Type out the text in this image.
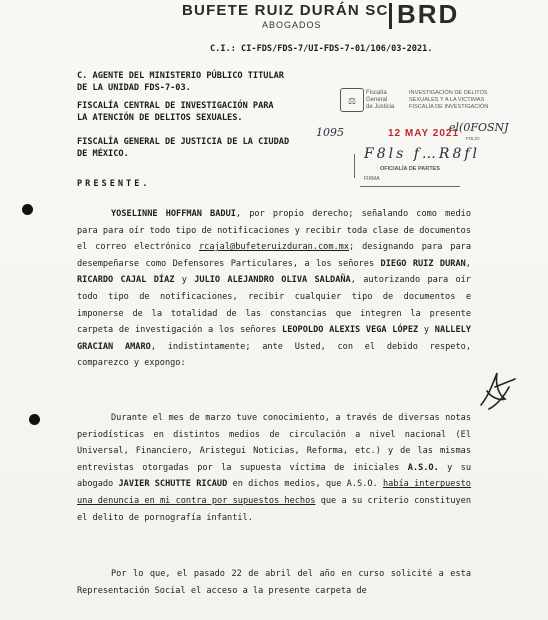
BUFETE RUIZ DURÁN SC
ABOGADOS	BRD
C.I.: CI-FDS/FDS-7/UI-FDS-7-01/106/03-2021.
C. AGENTE DEL MINISTERIO PÚBLICO TITULAR
DE LA UNIDAD FDS-7-03.
FISCALÍA CENTRAL DE INVESTIGACIÓN PARA
LA ATENCIÓN DE DELITOS SEXUALES.
FISCALÍA GENERAL DE JUSTICIA DE LA CIUDAD
DE MÉXICO.
PRESENTE.
⚖	Fiscalía
General
de Justicia
INVESTIGACIÓN DE DELITOS
SEXUALES Y A LA VICTIMAS
FISCALÍA DE INVESTIGACIÓN
1095	12 MAY 2021
el(0FOSNJ
FOLIO
F8ls f…R8fl
OFICIALÍA DE PARTES
FIRMA
YOSELINNE HOFFMAN BADUI, por propio derecho; señalando como medio para para oír todo tipo de notificaciones y recibir toda clase de documentos el correo electrónico rcajal@bufeteruizduran.com.mx; designando para para desempeñarse como Defensores Particulares, a los señores DIEGO RUIZ DURAN, RICARDO CAJAL DÍAZ y JULIO ALEJANDRO OLIVA SALDAÑA, autorizando para oír todo tipo de notificaciones, recibir cualquier tipo de documentos e imponerse de la totalidad de las constancias que integren la presente carpeta de investigación a los señores LEOPOLDO ALEXIS VEGA LÓPEZ y NALLELY GRACIAN AMARO, indistintamente; ante Usted, con el debido respeto, comparezco y expongo:
Durante el mes de marzo tuve conocimiento, a través de diversas notas periodísticas en distintos medios de circulación a nivel nacional (El Universal, Financiero, Aristegui Noticias, Reforma, etc.) y de las mismas entrevistas otorgadas por la supuesta víctima de iniciales A.S.O. y su abogado JAVIER SCHUTTE RICAUD en dichos medios, que A.S.O. había interpuesto una denuncia en mi contra por supuestos hechos que a su criterio constituyen el delito de pornografía infantil.
Por lo que, el pasado 22 de abril del año en curso solicité a esta Representación Social el acceso a la presente carpeta de
